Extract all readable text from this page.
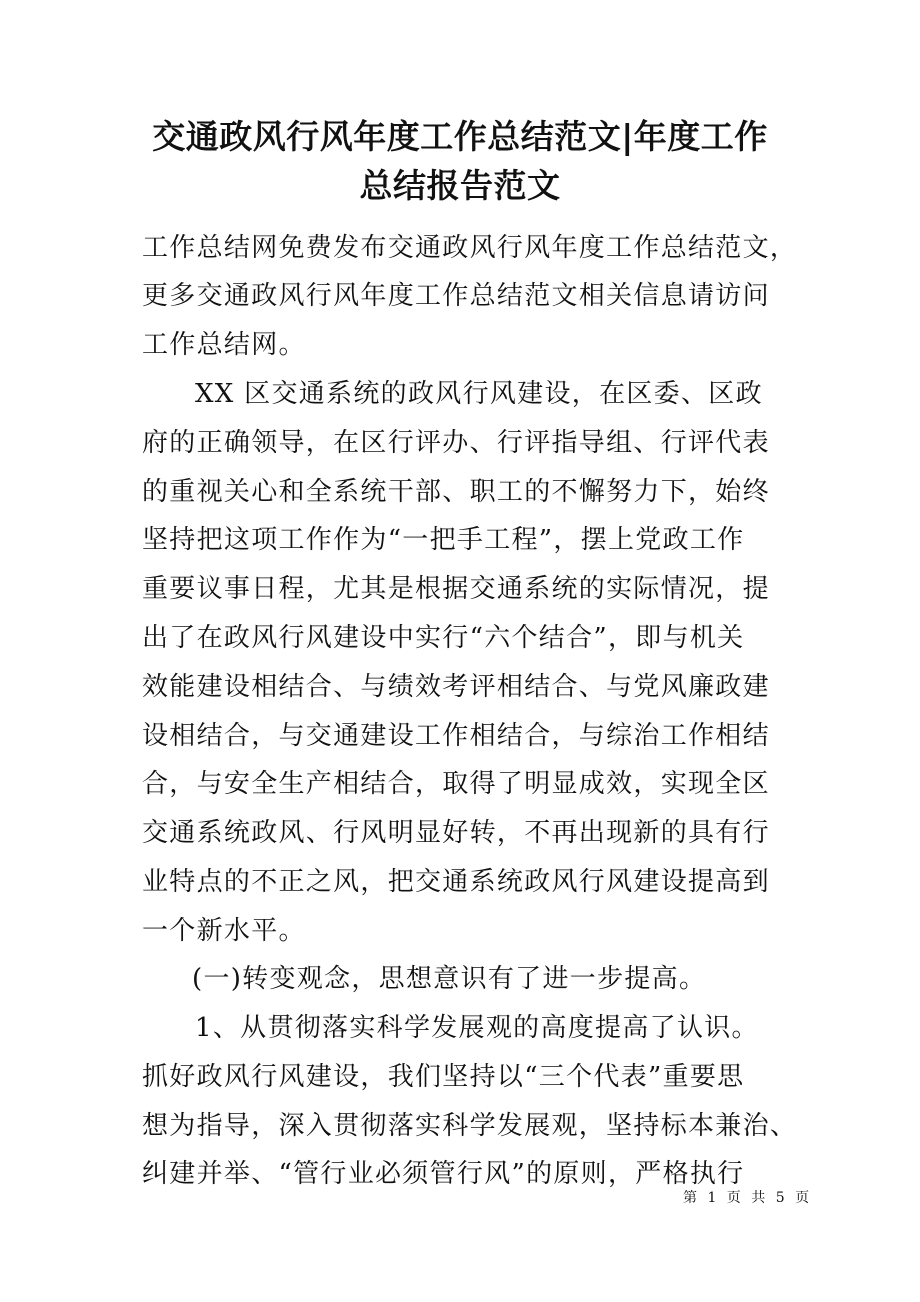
交通政风行风年度工作总结范文|年度工作
总结报告范文
工作总结网免费发布交通政风行风年度工作总结范文，
更多交通政风行风年度工作总结范文相关信息请访问
工作总结网。
XX 区交通系统的政风行风建设，在区委、区政
府的正确领导，在区行评办、行评指导组、行评代表
的重视关心和全系统干部、职工的不懈努力下，始终
坚持把这项工作作为“一把手工程”，摆上党政工作
重要议事日程，尤其是根据交通系统的实际情况，提
出了在政风行风建设中实行“六个结合”，即与机关
效能建设相结合、与绩效考评相结合、与党风廉政建
设相结合，与交通建设工作相结合，与综治工作相结
合，与安全生产相结合，取得了明显成效，实现全区
交通系统政风、行风明显好转，不再出现新的具有行
业特点的不正之风，把交通系统政风行风建设提高到
一个新水平。
(一)转变观念，思想意识有了进一步提高。
1、从贯彻落实科学发展观的高度提高了认识。
抓好政风行风建设，我们坚持以“三个代表”重要思
想为指导，深入贯彻落实科学发展观，坚持标本兼治、
纠建并举、“管行业必须管行风”的原则，严格执行
第 1 页 共 5 页
